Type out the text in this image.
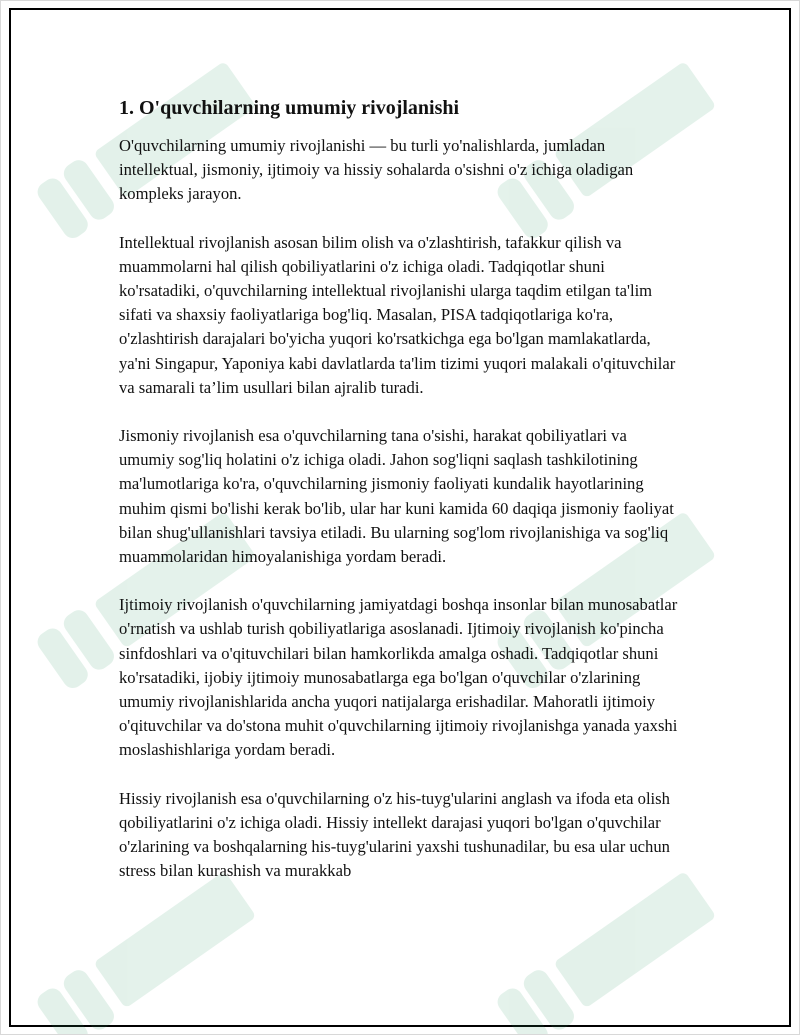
1. O'quvchilarning umumiy rivojlanishi

O'quvchilarning umumiy rivojlanishi — bu turli yo'nalishlarda, jumladan intellektual, jismoniy, ijtimoiy va hissiy sohalarda o'sishni o'z ichiga oladigan kompleks jarayon.

Intellektual rivojlanish asosan bilim olish va o'zlashtirish, tafakkur qilish va muammolarni hal qilish qobiliyatlarini o'z ichiga oladi. Tadqiqotlar shuni ko'rsatadiki, o'quvchilarning intellektual rivojlanishi ularga taqdim etilgan ta'lim sifati va shaxsiy faoliyatlariga bog'liq. Masalan, PISA tadqiqotlariga ko'ra, o'zlashtirish darajalari bo'yicha yuqori ko'rsatkichga ega bo'lgan mamlakatlarda, ya'ni Singapur, Yaponiya kabi davlatlarda ta'lim tizimi yuqori malakali o'qituvchilar va samarali ta’lim usullari bilan ajralib turadi.

Jismoniy rivojlanish esa o'quvchilarning tana o'sishi, harakat qobiliyatlari va umumiy sog'liq holatini o'z ichiga oladi. Jahon sog'liqni saqlash tashkilotining ma'lumotlariga ko'ra, o'quvchilarning jismoniy faoliyati kundalik hayotlarining muhim qismi bo'lishi kerak bo'lib, ular har kuni kamida 60 daqiqa jismoniy faoliyat bilan shug'ullanishlari tavsiya etiladi. Bu ularning sog'lom rivojlanishiga va sog'liq muammolaridan himoyalanishiga yordam beradi.

Ijtimoiy rivojlanish o'quvchilarning jamiyatdagi boshqa insonlar bilan munosabatlar o'rnatish va ushlab turish qobiliyatlariga asoslanadi. Ijtimoiy rivojlanish ko'pincha sinfdoshlari va o'qituvchilari bilan hamkorlikda amalga oshadi. Tadqiqotlar shuni ko'rsatadiki, ijobiy ijtimoiy munosabatlarga ega bo'lgan o'quvchilar o'zlarining umumiy rivojlanishlarida ancha yuqori natijalarga erishadilar. Mahoratli ijtimoiy o'qituvchilar va do'stona muhit o'quvchilarning ijtimoiy rivojlanishga yanada yaxshi moslashishlariga yordam beradi.

Hissiy rivojlanish esa o'quvchilarning o'z his-tuyg'ularini anglash va ifoda eta olish qobiliyatlarini o'z ichiga oladi. Hissiy intellekt darajasi yuqori bo'lgan o'quvchilar o'zlarining va boshqalarning his-tuyg'ularini yaxshi tushunadilar, bu esa ular uchun stress bilan kurashish va murakkab
